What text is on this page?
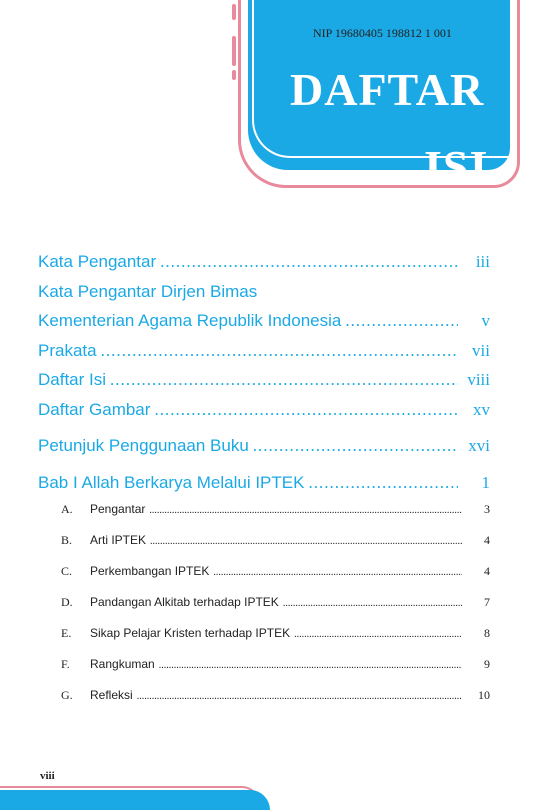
NIP 19680405 198812 1 001
DAFTAR
ISI
Kata Pengantar .....	iii
Kata Pengantar Dirjen Bimas
Kementerian Agama Republik Indonesia .....	v
Prakata .....	vii
Daftar Isi .....	viii
Daftar Gambar .....	xv
Petunjuk Penggunaan Buku .....	xvi
Bab I Allah Berkarya Melalui IPTEK .....	1
A.	Pengantar .....	3
B.	Arti IPTEK .....	4
C.	Perkembangan IPTEK .....	4
D.	Pandangan Alkitab terhadap IPTEK .....	7
E.	Sikap Pelajar Kristen terhadap IPTEK .....	8
F.	Rangkuman .....	9
G.	Refleksi .....	10
viii
